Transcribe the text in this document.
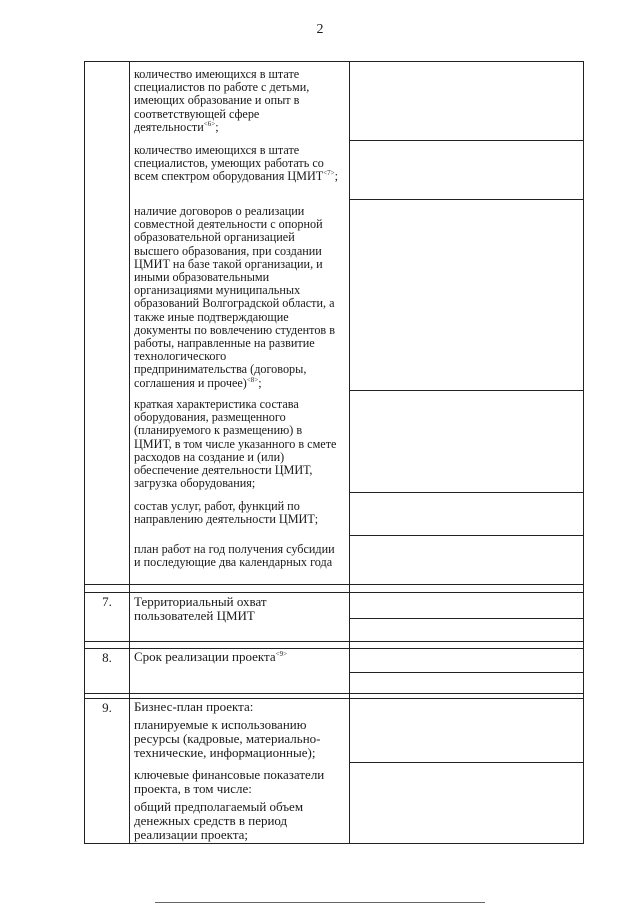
2
количество имеющихся в штате специалистов по работе с детьми, имеющих образование и опыт в соответствующей сфере деятельности$^{<6>}$;
количество имеющихся в штате специалистов, умеющих работать со всем спектром оборудования $ЦМИТ^{<7>}$;
наличие договоров о реализации совместной деятельности с опорной образовательной организацией высшего образования, при создании ЦМИТ на базе такой организации, и иными образовательными организациями муниципальных образований Волгоградской области, а также иные подтверждающие документы по вовлечению студентов в работы, направленные на развитие технологического предпринимательства (договоры, соглашения и прочее)$^{<8>}$;
краткая характеристика состава оборудования, размещенного (планируемого к размещению) в ЦМИТ, в том числе указанного в смете расходов на создание и (или) обеспечение деятельности ЦМИТ, загрузка оборудования;
состав услуг, работ, функций по направлению деятельности ЦМИТ;
план работ на год получения субсидии и последующие два календарных года
7.	Территориальный охват пользователей ЦМИТ
8.	Срок реализации проекта$^{<9>}$
9.	Бизнес-план проекта:
планируемые к использованию ресурсы (кадровые, материально-технические, информационные);
ключевые финансовые показатели проекта, в том числе:
общий предполагаемый объем денежных средств в период реализации проекта;
